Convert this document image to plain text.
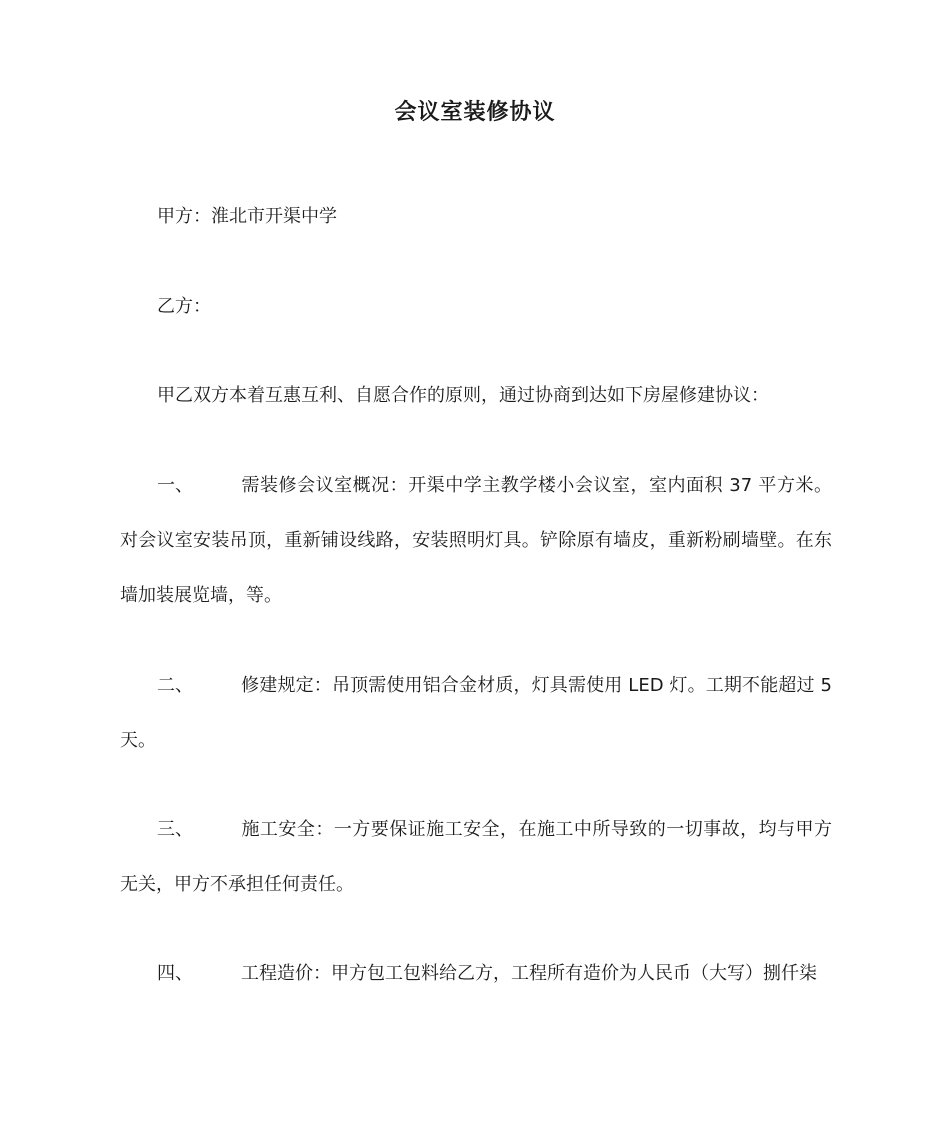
会议室装修协议
甲方：淮北市开渠中学
乙方：
甲乙双方本着互惠互利、自愿合作的原则，通过协商到达如下房屋修建协议：
一、	需装修会议室概况：开渠中学主教学楼小会议室，室内面积 37 平方米。对会议室安装吊顶，重新铺设线路，安装照明灯具。铲除原有墙皮，重新粉刷墙壁。在东墙加装展览墙，等。
二、	修建规定：吊顶需使用铝合金材质，灯具需使用 LED 灯。工期不能超过 5 天。
三、	施工安全：一方要保证施工安全，在施工中所导致的一切事故，均与甲方无关，甲方不承担任何责任。
四、	工程造价：甲方包工包料给乙方，工程所有造价为人民币（大写）捌仟柒
